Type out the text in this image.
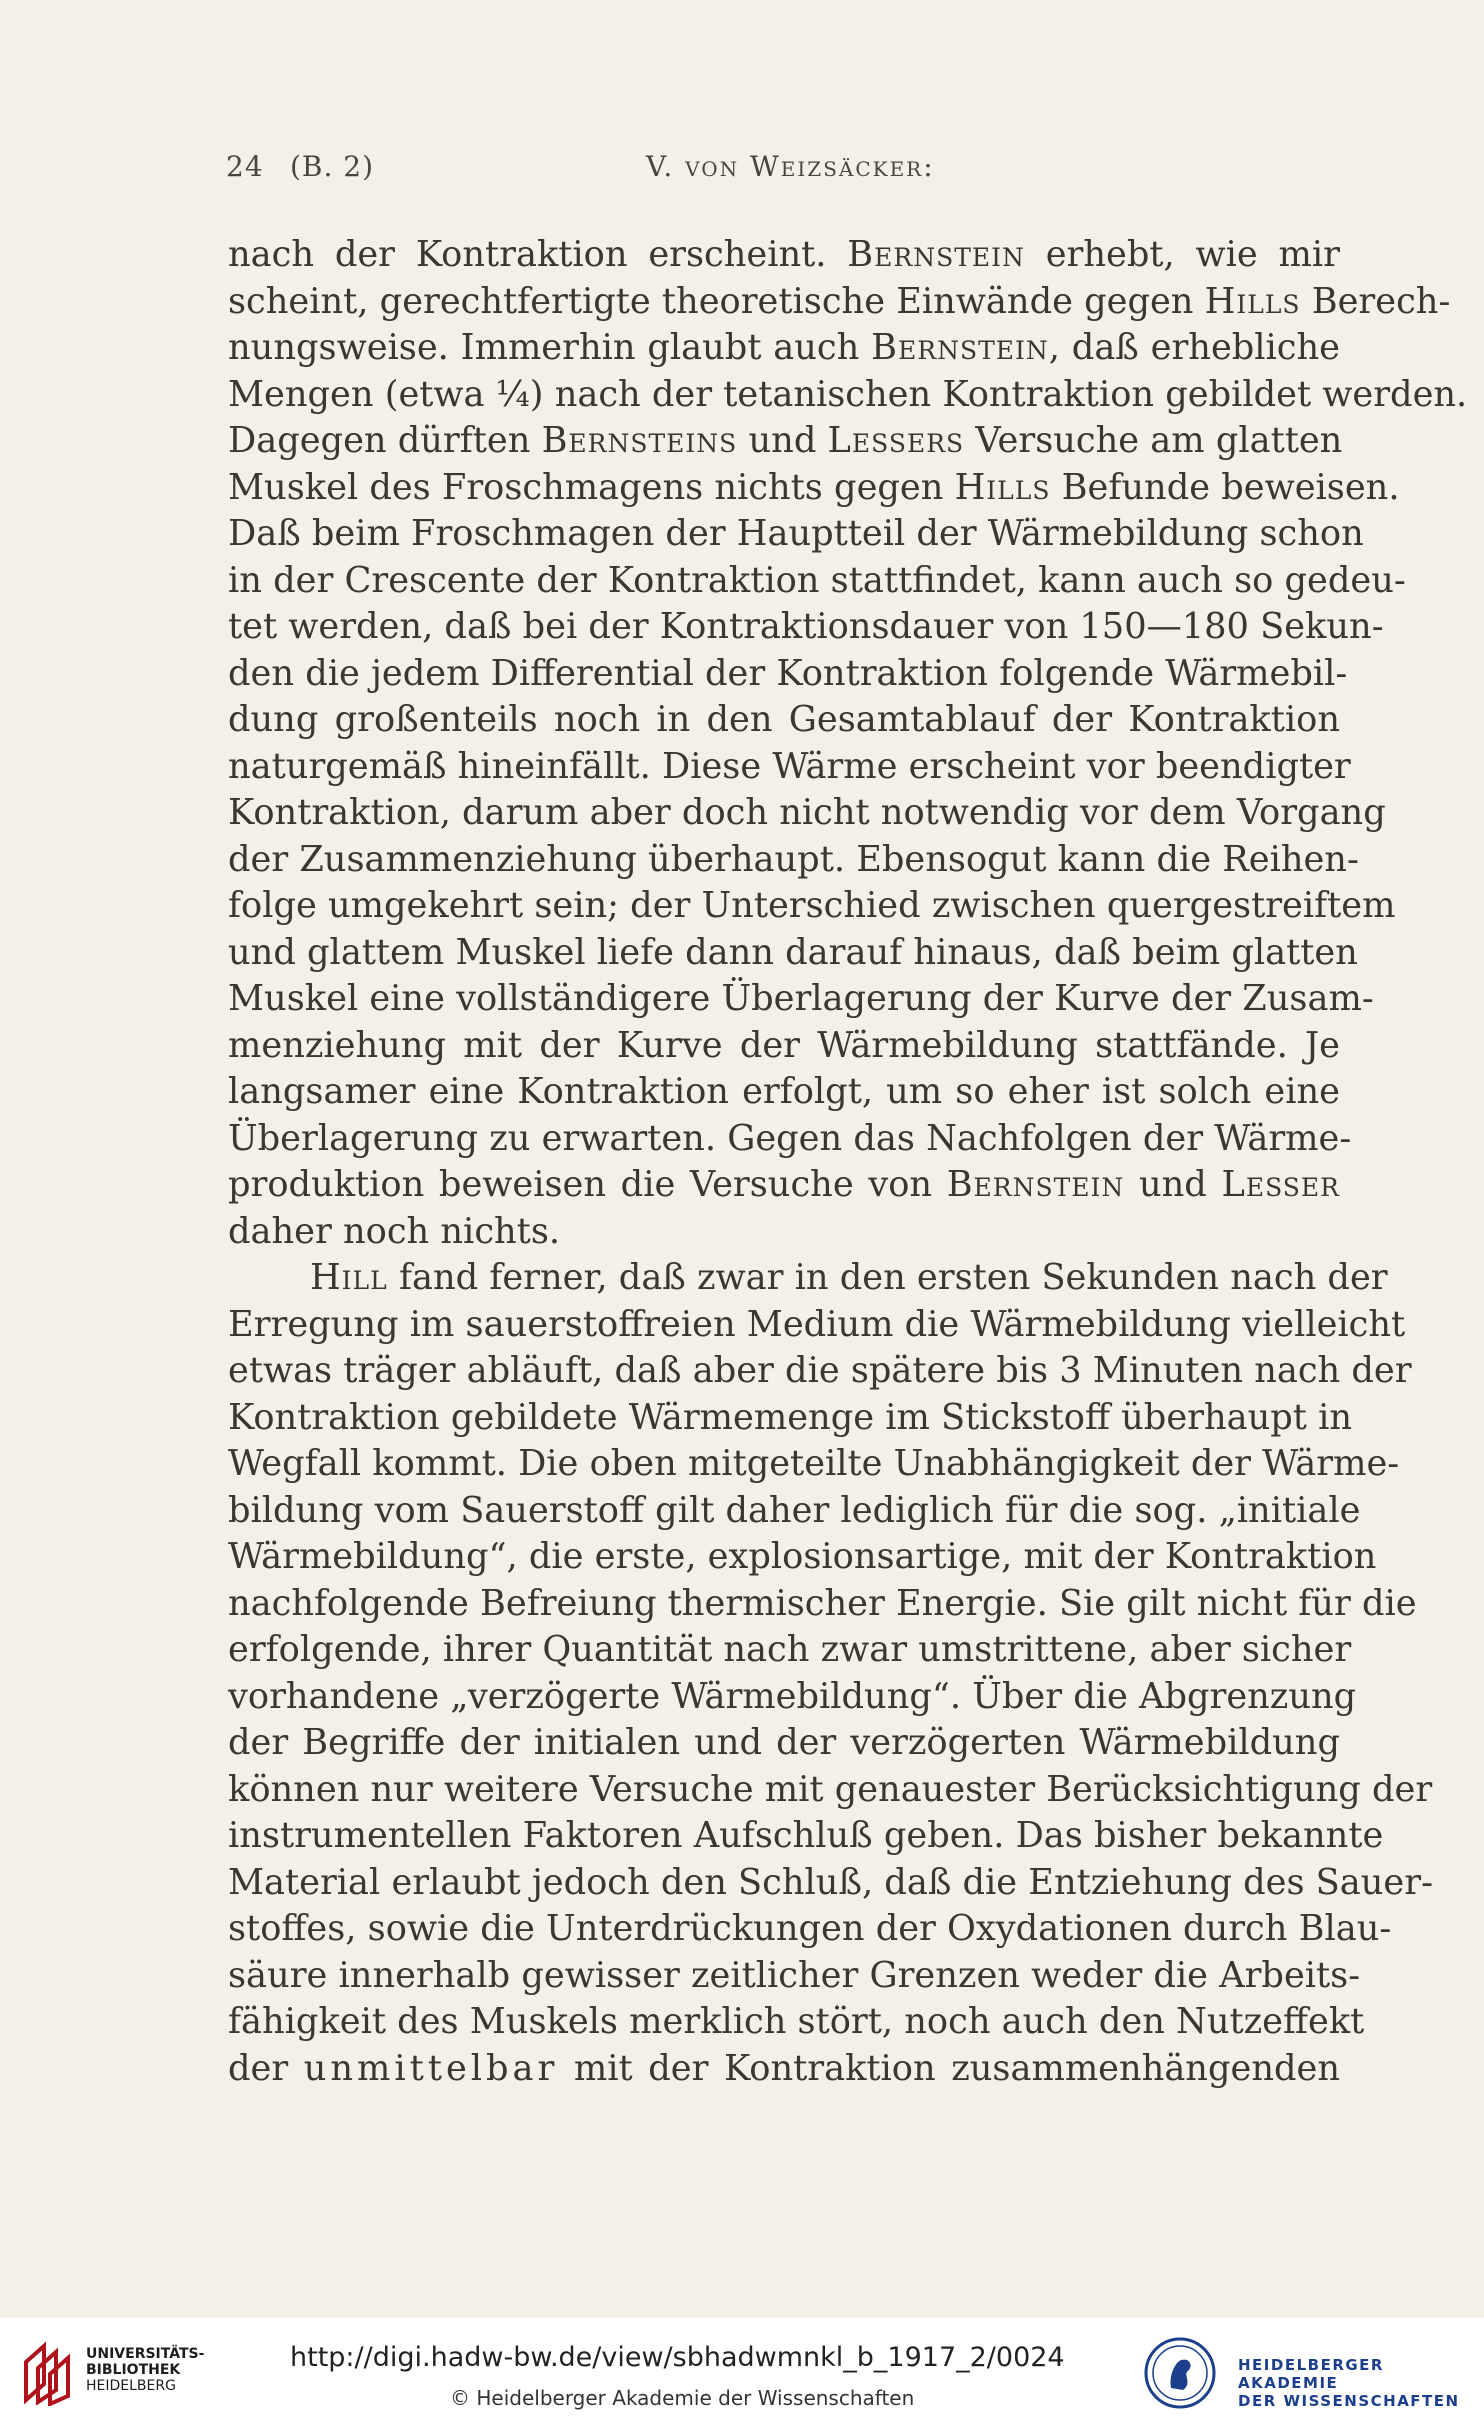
24 (B. 2)	V. von Weizsäcker:
nach der Kontraktion erscheint. Bernstein erhebt, wie mir
scheint, gerechtfertigte theoretische Einwände gegen Hills Berech-
nungsweise. Immerhin glaubt auch Bernstein, daß erhebliche
Mengen (etwa ¼) nach der tetanischen Kontraktion gebildet werden.
Dagegen dürften Bernsteins und Lessers Versuche am glatten
Muskel des Froschmagens nichts gegen Hills Befunde beweisen.
Daß beim Froschmagen der Hauptteil der Wärmebildung schon
in der Crescente der Kontraktion stattfindet, kann auch so gedeu-
tet werden, daß bei der Kontraktionsdauer von 150—180 Sekun-
den die jedem Differential der Kontraktion folgende Wärmebil-
dung großenteils noch in den Gesamtablauf der Kontraktion
naturgemäß hineinfällt. Diese Wärme erscheint vor beendigter
Kontraktion, darum aber doch nicht notwendig vor dem Vorgang
der Zusammenziehung überhaupt. Ebensogut kann die Reihen-
folge umgekehrt sein; der Unterschied zwischen quergestreiftem
und glattem Muskel liefe dann darauf hinaus, daß beim glatten
Muskel eine vollständigere Überlagerung der Kurve der Zusam-
menziehung mit der Kurve der Wärmebildung stattfände. Je
langsamer eine Kontraktion erfolgt, um so eher ist solch eine
Überlagerung zu erwarten. Gegen das Nachfolgen der Wärme-
produktion beweisen die Versuche von Bernstein und Lesser
daher noch nichts.
Hill fand ferner, daß zwar in den ersten Sekunden nach der
Erregung im sauerstoffreien Medium die Wärmebildung vielleicht
etwas träger abläuft, daß aber die spätere bis 3 Minuten nach der
Kontraktion gebildete Wärmemenge im Stickstoff überhaupt in
Wegfall kommt. Die oben mitgeteilte Unabhängigkeit der Wärme-
bildung vom Sauerstoff gilt daher lediglich für die sog. „initiale
Wärmebildung“, die erste, explosionsartige, mit der Kontraktion
nachfolgende Befreiung thermischer Energie. Sie gilt nicht für die
erfolgende, ihrer Quantität nach zwar umstrittene, aber sicher
vorhandene „verzögerte Wärmebildung“. Über die Abgrenzung
der Begriffe der initialen und der verzögerten Wärmebildung
können nur weitere Versuche mit genauester Berücksichtigung der
instrumentellen Faktoren Aufschluß geben. Das bisher bekannte
Material erlaubt jedoch den Schluß, daß die Entziehung des Sauer-
stoffes, sowie die Unterdrückungen der Oxydationen durch Blau-
säure innerhalb gewisser zeitlicher Grenzen weder die Arbeits-
fähigkeit des Muskels merklich stört, noch auch den Nutzeffekt
der unmittelbar mit der Kontraktion zusammenhängenden
UNIVERSITÄTS-
BIBLIOTHEK
HEIDELBERG
http://digi.hadw-bw.de/view/sbhadwmnkl_b_1917_2/0024
© Heidelberger Akademie der Wissenschaften
HEIDELBERGER AKADEMIE
DER WISSENSCHAFTEN
